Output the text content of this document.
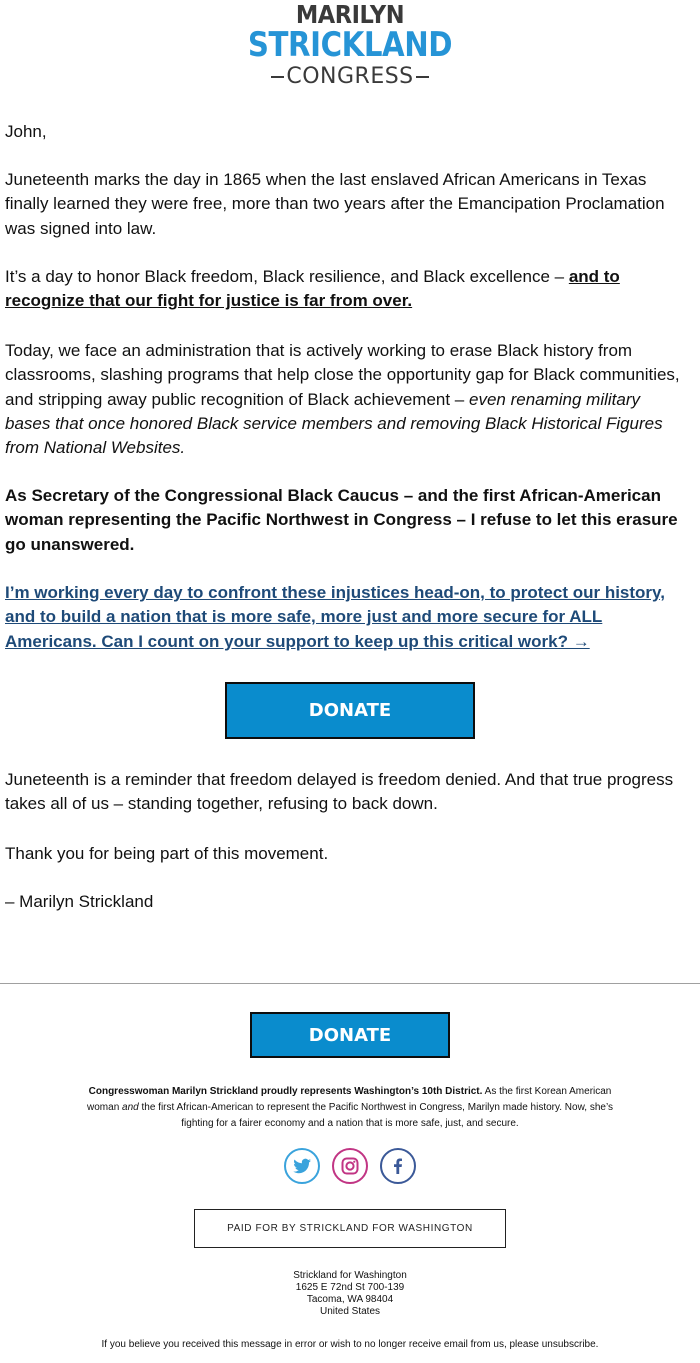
MARILYN
STRICKLAND
CONGRESS

John,

Juneteenth marks the day in 1865 when the last enslaved African Americans in Texas finally learned they were free, more than two years after the Emancipation Proclamation was signed into law.

It’s a day to honor Black freedom, Black resilience, and Black excellence – and to recognize that our fight for justice is far from over.

Today, we face an administration that is actively working to erase Black history from classrooms, slashing programs that help close the opportunity gap for Black communities, and stripping away public recognition of Black achievement – even renaming military bases that once honored Black service members and removing Black Historical Figures from National Websites.

As Secretary of the Congressional Black Caucus – and the first African-American woman representing the Pacific Northwest in Congress – I refuse to let this erasure go unanswered.

I’m working every day to confront these injustices head-on, to protect our history, and to build a nation that is more safe, more just and more secure for ALL Americans. Can I count on your support to keep up this critical work? →

DONATE

Juneteenth is a reminder that freedom delayed is freedom denied. And that true progress takes all of us – standing together, refusing to back down.

Thank you for being part of this movement.

– Marilyn Strickland

DONATE
Congresswoman Marilyn Strickland proudly represents Washington’s 10th District. As the first Korean American woman and the first African-American to represent the Pacific Northwest in Congress, Marilyn made history. Now, she’s fighting for a fairer economy and a nation that is more safe, just, and secure.

PAID FOR BY STRICKLAND FOR WASHINGTON
Strickland for Washington
1625 E 72nd St 700-139
Tacoma, WA 98404
United States
If you believe you received this message in error or wish to no longer receive email from us, please unsubscribe.
